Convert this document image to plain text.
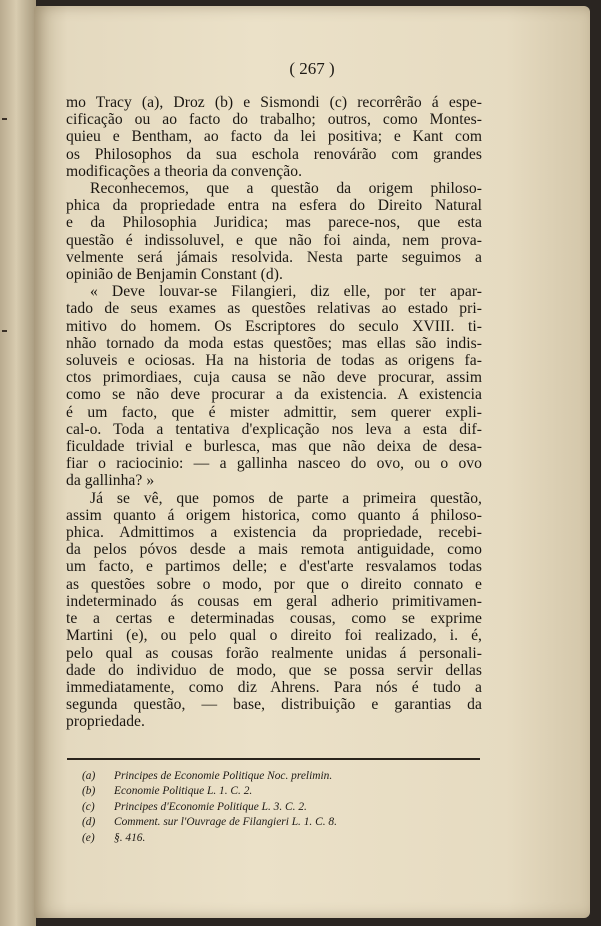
( 267 )
mo Tracy (a), Droz (b) e Sismondi (c) recorrêrão á espe-
cificação ou ao facto do trabalho; outros, como Montes-
quieu e Bentham, ao facto da lei positiva; e Kant com
os Philosophos da sua eschola renovárão com grandes
modificações a theoria da convenção.
Reconhecemos, que a questão da origem philoso-
phica da propriedade entra na esfera do Direito Natural
e da Philosophia Juridica; mas parece-nos, que esta
questão é indissoluvel, e que não foi ainda, nem prova-
velmente será jámais resolvida. Nesta parte seguimos a
opinião de Benjamin Constant (d).
« Deve louvar-se Filangieri, diz elle, por ter apar-
tado de seus exames as questões relativas ao estado pri-
mitivo do homem. Os Escriptores do seculo XVIII. ti-
nhão tornado da moda estas questões; mas ellas são indis-
soluveis e ociosas. Ha na historia de todas as origens fa-
ctos primordiaes, cuja causa se não deve procurar, assim
como se não deve procurar a da existencia. A existencia
é um facto, que é mister admittir, sem querer expli-
cal-o. Toda a tentativa d'explicação nos leva a esta dif-
ficuldade trivial e burlesca, mas que não deixa de desa-
fiar o raciocinio: — a gallinha nasceo do ovo, ou o ovo
da gallinha? »
Já se vê, que pomos de parte a primeira questão,
assim quanto á origem historica, como quanto á philoso-
phica. Admittimos a existencia da propriedade, recebi-
da pelos póvos desde a mais remota antiguidade, como
um facto, e partimos delle; e d'est'arte resvalamos todas
as questões sobre o modo, por que o direito connato e
indeterminado ás cousas em geral adherio primitivamen-
te a certas e determinadas cousas, como se exprime
Martini (e), ou pelo qual o direito foi realizado, i. é,
pelo qual as cousas forão realmente unidas á personali-
dade do individuo de modo, que se possa servir dellas
immediatamente, como diz Ahrens. Para nós é tudo a
segunda questão, — base, distribuição e garantias da
propriedade.
(a) Principes de Economie Politique Noc. prelimin.
(b) Economie Politique L. 1. C. 2.
(c) Principes d'Economie Politique L. 3. C. 2.
(d) Comment. sur l'Ouvrage de Filangieri L. 1. C. 8.
(e) §. 416.
